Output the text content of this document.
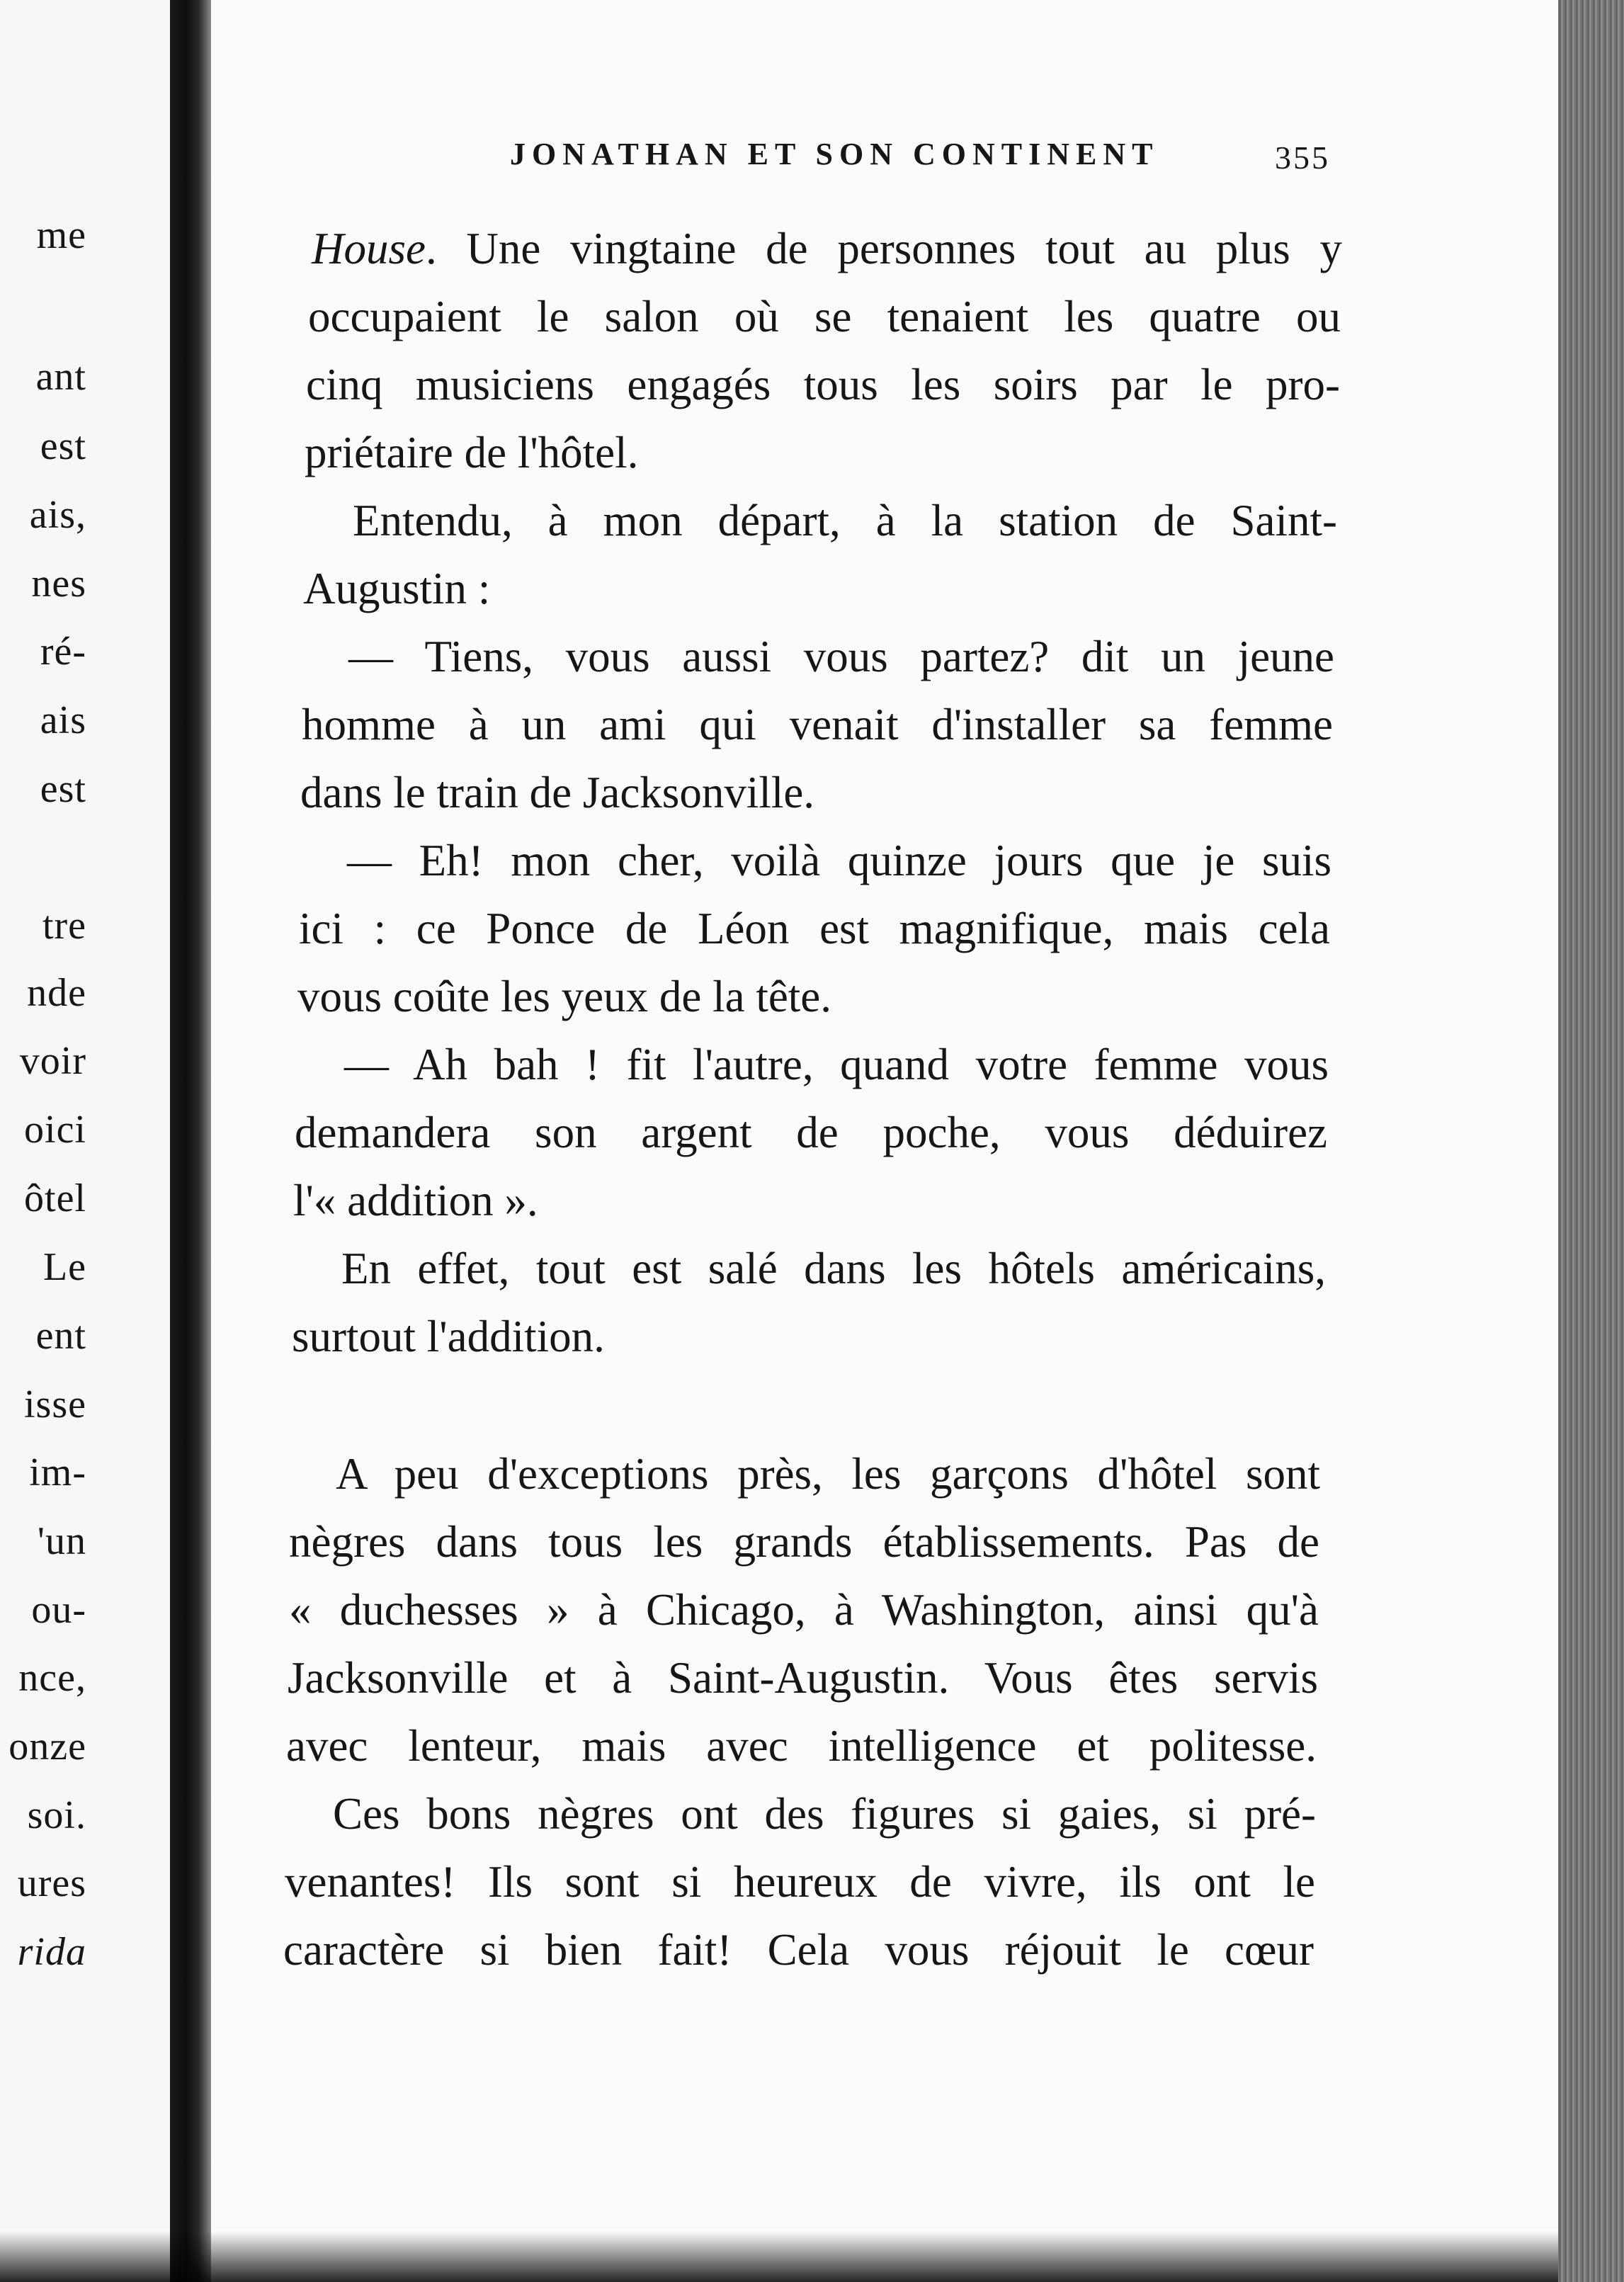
me
ant
est
ais,
nes
ré-
ais
est
tre
nde
voir
oici
ôtel
Le
ent
isse
im-
'un
ou-
nce,
onze
soi.
ures
rida
JONATHAN ET SON CONTINENT	355

House. Une vingtaine de personnes tout au plus y

occupaient le salon où se tenaient les quatre ou

cinq musiciens engagés tous les soirs par le pro-

priétaire de l'hôtel.

Entendu, à mon départ, à la station de Saint-

Augustin :

— Tiens, vous aussi vous partez? dit un jeune

homme à un ami qui venait d'installer sa femme

dans le train de Jacksonville.

— Eh! mon cher, voilà quinze jours que je suis

ici : ce Ponce de Léon est magnifique, mais cela

vous coûte les yeux de la tête.

— Ah bah ! fit l'autre, quand votre femme vous

demandera son argent de poche, vous déduirez

l'« addition ».

En effet, tout est salé dans les hôtels américains,

surtout l'addition.

A peu d'exceptions près, les garçons d'hôtel sont

nègres dans tous les grands établissements. Pas de

« duchesses » à Chicago, à Washington, ainsi qu'à

Jacksonville et à Saint-Augustin. Vous êtes servis

avec lenteur, mais avec intelligence et politesse.

Ces bons nègres ont des figures si gaies, si pré-

venantes! Ils sont si heureux de vivre, ils ont le

caractère si bien fait! Cela vous réjouit le cœur
